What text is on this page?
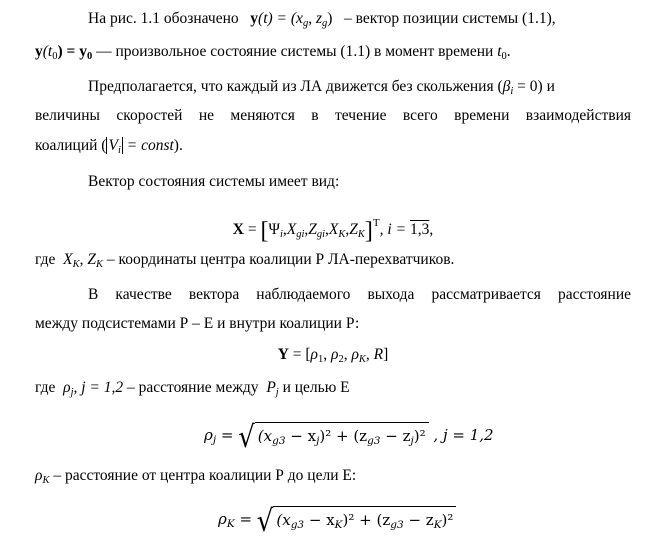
На рис. 1.1 обозначено y(t) = (xg, zg) – вектор позиции системы (1.1),
y(t0) = y0 — произвольное состояние системы (1.1) в момент времени t0.
Предполагается, что каждый из ЛА движется без скольжения (βi = 0) и
величины скоростей не меняются в течение всего времени взаимодействия
коалиций ( Vi = const).
Вектор состояния системы имеет вид:
$X = [\Psi i,Xgi,Zgi,XK,ZK]^T$, i = 1,3,
где XK, ZK – координаты центра коалиции Р ЛА-перехватчиков.
В качестве вектора наблюдаемого выхода рассматривается расстояние
между подсистемами Р – Е и внутри коалиции Р:
Y = [ρ1, ρ2, ρK, R]
где ρj, j = 1,2 – расстояние между Pj и целью Е
$\rho_j$ = √ $(x_{g3} - x_j)^2 + (z_{g3} - z_j)^2$ , j = 1,2
ρK – расстояние от центра коалиции Р до цели Е:
$\rho_K$ = √ $(x_{g3} - x_K)^2 + (z_{g3} - z_K)^2$
